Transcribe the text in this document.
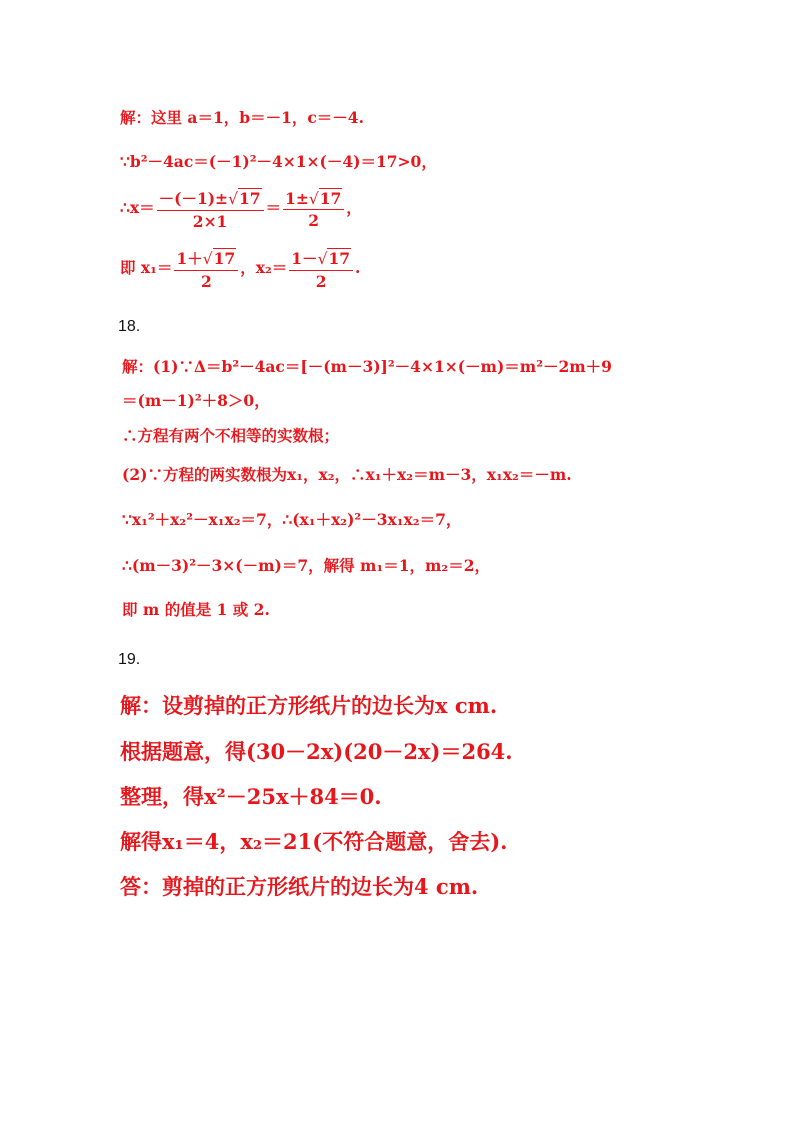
解：这里 a＝1，b＝－1，c＝－4.
∵b²－4ac＝(－1)²－4×1×(－4)＝17>0，
∴x＝ $\frac{-(-1)\pm√17}{2\times 1} = \frac{1\pm√17}{2}$ ，
即 $x_1= \frac{1+√17}{2}$ ，$x_2= \frac{1-√17}{2}$ .
18.
解：(1)∵Δ＝b²－4ac＝[－(m－3)]²－4×1×(－m)＝m²－2m＋9
＝(m－1)²＋8＞0，
∴方程有两个不相等的实数根；
(2)∵方程的两实数根为x₁，x₂，∴x₁＋x₂＝m－3，x₁x₂＝－m.
∵x₁²＋x₂²－x₁x₂＝7，∴(x₁＋x₂)²－3x₁x₂＝7，
∴(m－3)²－3×(－m)＝7，解得 m₁＝1，m₂＝2，
即 m 的值是 1 或 2.
19.
解：设剪掉的正方形纸片的边长为x cm.
根据题意，得(30－2x)(20－2x)＝264.
整理，得x²－25x＋84＝0.
解得x₁＝4，x₂＝21(不符合题意，舍去).
答：剪掉的正方形纸片的边长为4 cm.
